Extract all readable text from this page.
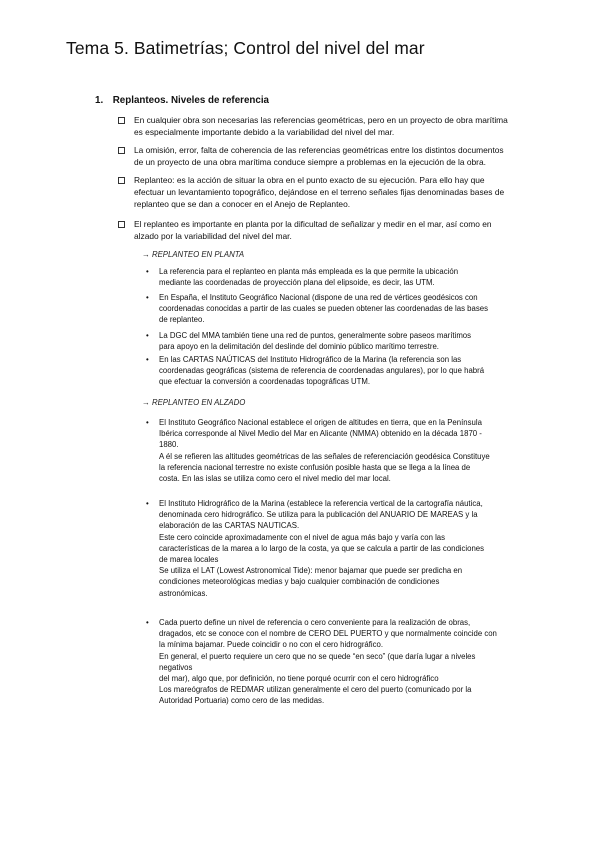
Tema 5. Batimetrías; Control del nivel del mar
1. Replanteos. Niveles de referencia
En cualquier obra son necesarias las referencias geométricas, pero en un proyecto de obra marítima
es especialmente importante debido a la variabilidad del nivel del mar.
La omisión, error, falta de coherencia de las referencias geométricas entre los distintos documentos
de un proyecto de una obra marítima conduce siempre a problemas en la ejecución de la obra.
Replanteo: es la acción de situar la obra en el punto exacto de su ejecución. Para ello hay que
efectuar un levantamiento topográfico, dejándose en el terreno señales fijas denominadas bases de
replanteo que se dan a conocer en el Anejo de Replanteo.
El replanteo es importante en planta por la dificultad de señalizar y medir en el mar, así como en
alzado por la variabilidad del nivel del mar.
→ REPLANTEO EN PLANTA
• La referencia para el replanteo en planta más empleada es la que permite la ubicación
mediante las coordenadas de proyección plana del elipsoide, es decir, las UTM.
• En España, el Instituto Geográfico Nacional (dispone de una red de vértices geodésicos con
coordenadas conocidas a partir de las cuales se pueden obtener las coordenadas de las bases
de replanteo.
• La DGC del MMA también tiene una red de puntos, generalmente sobre paseos marítimos
para apoyo en la delimitación del deslinde del dominio público marítimo terrestre.
• En las CARTAS NAÚTICAS del Instituto Hidrográfico de la Marina (la referencia son las
coordenadas geográficas (sistema de referencia de coordenadas angulares), por lo que habrá
que efectuar la conversión a coordenadas topográficas UTM.
→ REPLANTEO EN ALZADO
• El Instituto Geográfico Nacional establece el origen de altitudes en tierra, que en la Península
Ibérica corresponde al Nivel Medio del Mar en Alicante (NMMA) obtenido en la década 1870 -
1880.
A él se refieren las altitudes geométricas de las señales de referenciación geodésica Constituye
la referencia nacional terrestre no existe confusión posible hasta que se llega a la línea de
costa. En las islas se utiliza como cero el nivel medio del mar local.
• El Instituto Hidrográfico de la Marina (establece la referencia vertical de la cartografía náutica,
denominada cero hidrográfico. Se utiliza para la publicación del ANUARIO DE MAREAS y la
elaboración de las CARTAS NAUTICAS.
Este cero coincide aproximadamente con el nivel de agua más bajo y varía con las
características de la marea a lo largo de la costa, ya que se calcula a partir de las condiciones
de marea locales
Se utiliza el LAT (Lowest Astronomical Tide): menor bajamar que puede ser predicha en
condiciones meteorológicas medias y bajo cualquier combinación de condiciones
astronómicas.
• Cada puerto define un nivel de referencia o cero conveniente para la realización de obras,
dragados, etc se conoce con el nombre de CERO DEL PUERTO y que normalmente coincide con
la mínima bajamar. Puede coincidir o no con el cero hidrográfico.
En general, el puerto requiere un cero que no se quede “en seco” (que daría lugar a niveles
negativos
del mar), algo que, por definición, no tiene porqué ocurrir con el cero hidrográfico
Los mareógrafos de REDMAR utilizan generalmente el cero del puerto (comunicado por la
Autoridad Portuaria) como cero de las medidas.
